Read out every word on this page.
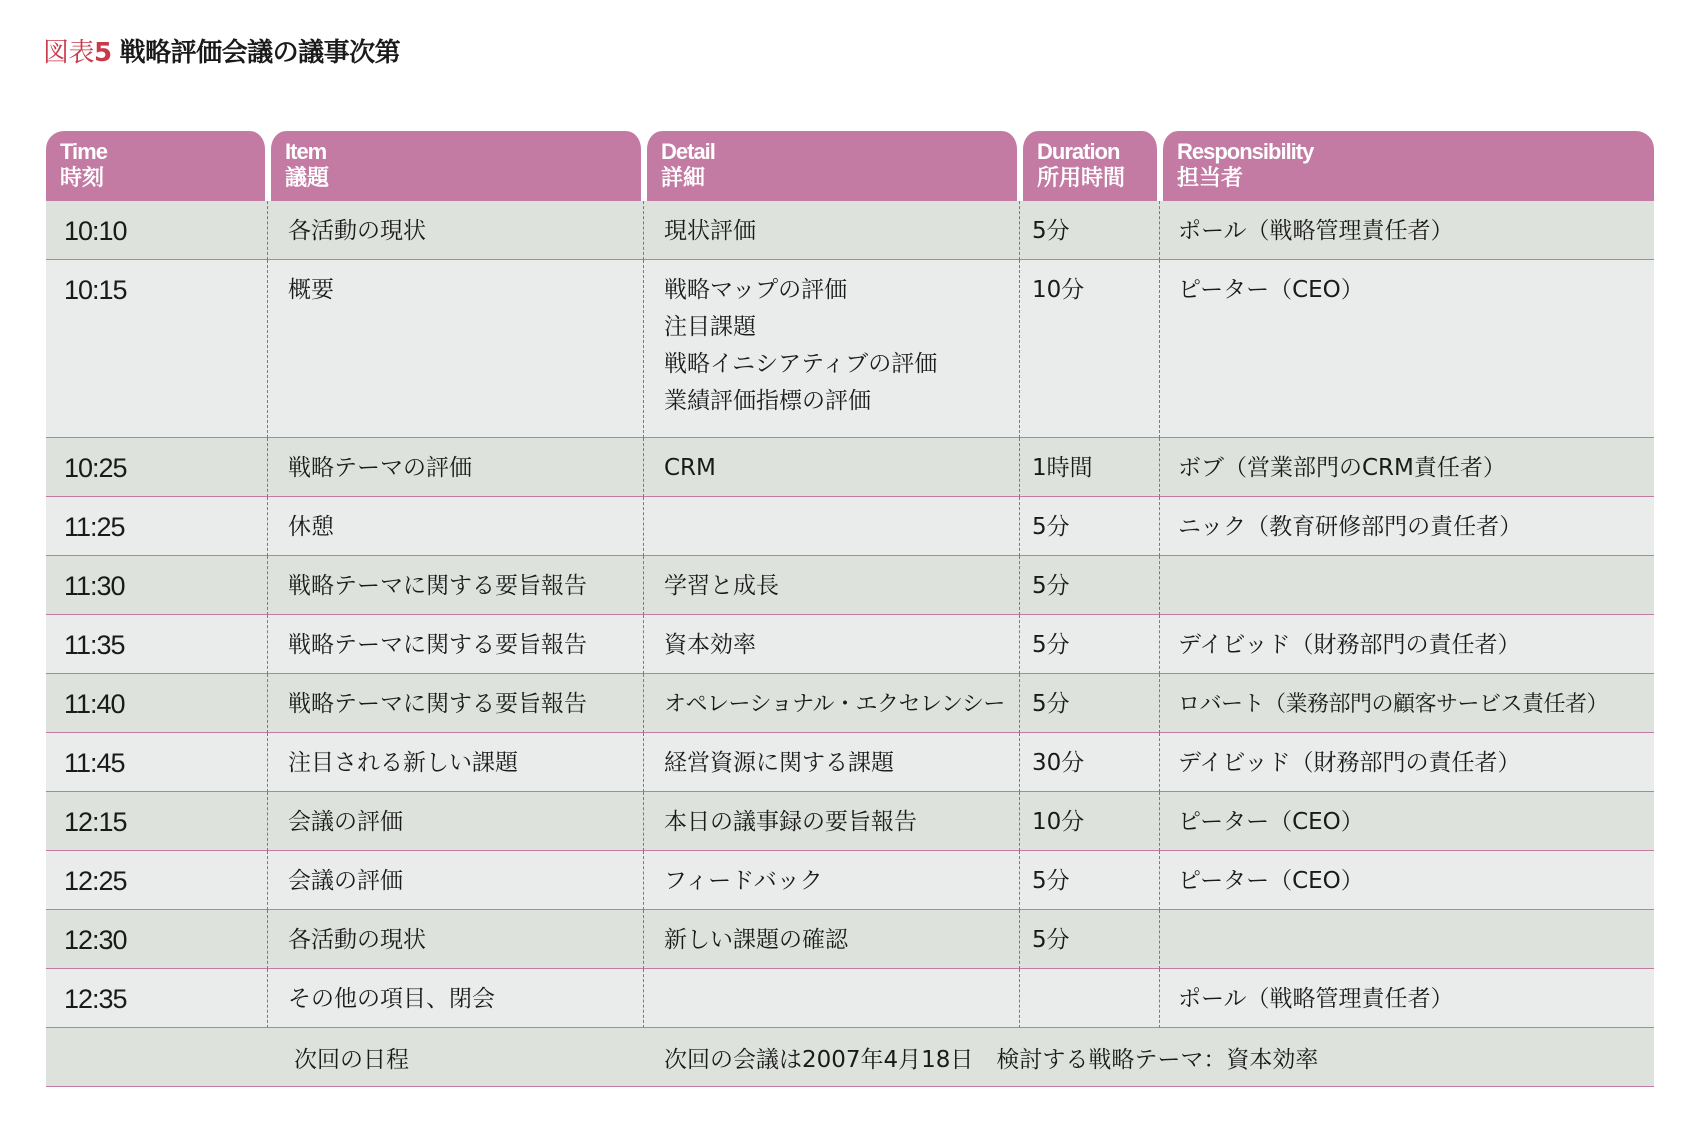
図表5 戦略評価会議の議事次第
Time
時刻	Item
議題	Detail
詳細	Duration
所用時間	Responsibility
担当者

10:10	各活動の現状	現状評価	5分	ポール（戦略管理責任者）
10:15	概要	戦略マップの評価
注目課題
戦略イニシアティブの評価
業績評価指標の評価	10分	ピーター（CEO）
10:25	戦略テーマの評価	CRM	1時間	ボブ（営業部門のCRM責任者）
11:25	休憩		5分	ニック（教育研修部門の責任者）
11:30	戦略テーマに関する要旨報告	学習と成長	5分	
11:35	戦略テーマに関する要旨報告	資本効率	5分	デイビッド（財務部門の責任者）
11:40	戦略テーマに関する要旨報告	オペレーショナル・エクセレンシー	5分	ロバート（業務部門の顧客サービス責任者）
11:45	注目される新しい課題	経営資源に関する課題	30分	デイビッド（財務部門の責任者）
12:15	会議の評価	本日の議事録の要旨報告	10分	ピーター（CEO）
12:25	会議の評価	フィードバック	5分	ピーター（CEO）
12:30	各活動の現状	新しい課題の確認	5分	
12:35	その他の項目、閉会			ポール（戦略管理責任者）
	次回の日程	次回の会議は2007年4月18日　検討する戦略テーマ：資本効率		
